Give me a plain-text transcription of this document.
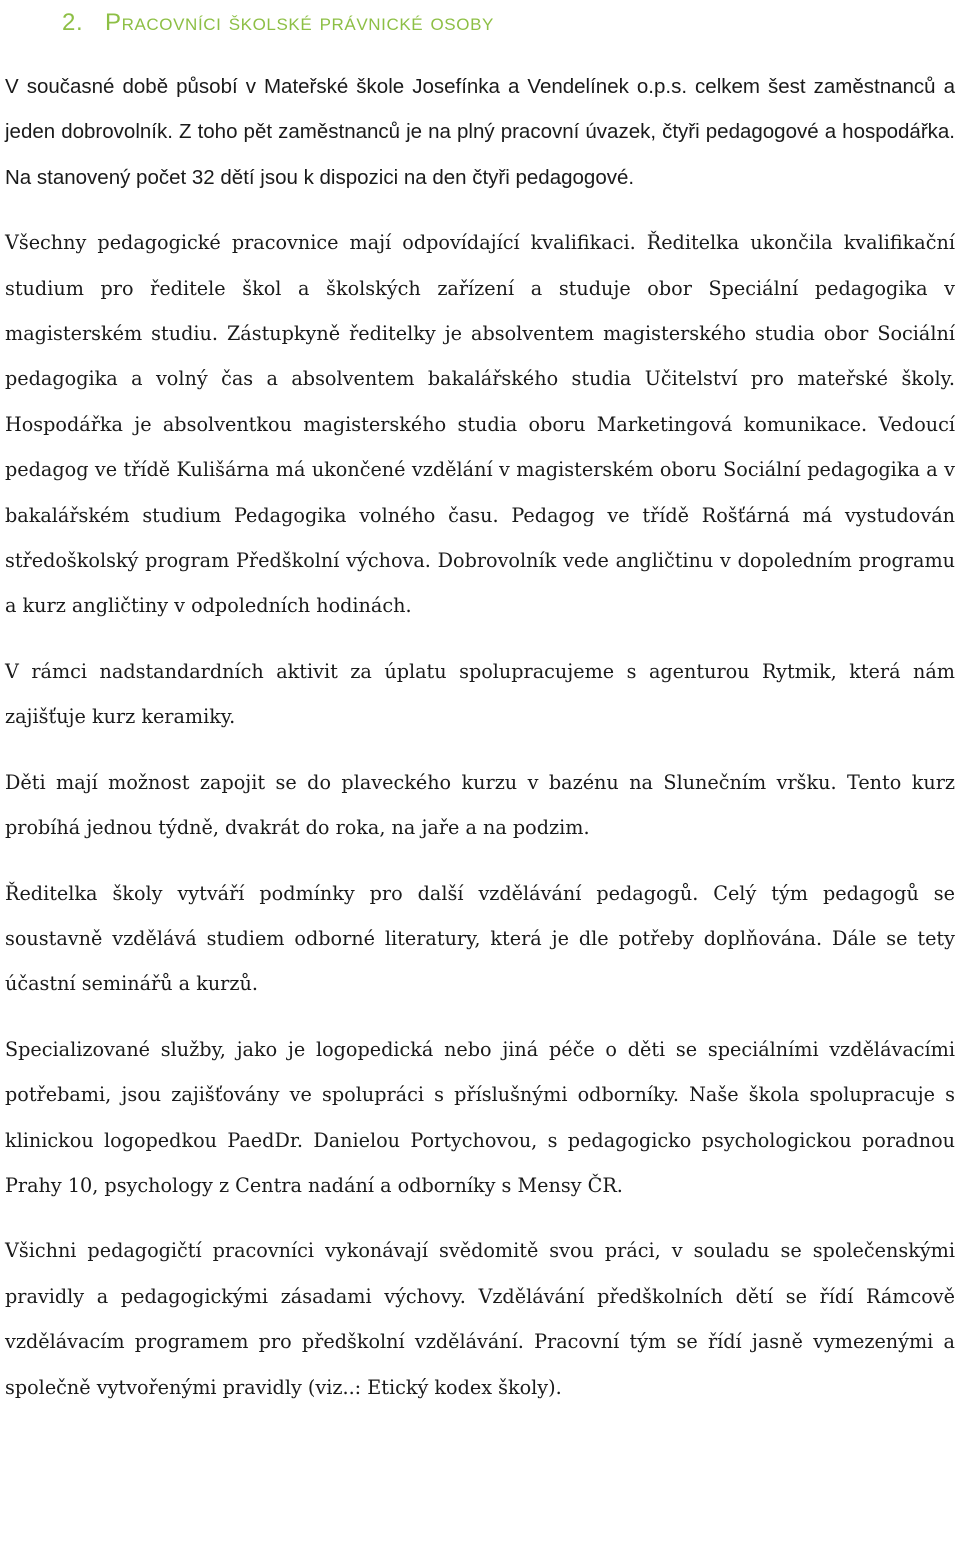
2. Pracovníci školské právnické osoby

V současné době působí v Mateřské škole Josefínka a Vendelínek o.p.s. celkem šest zaměstnanců a jeden dobrovolník. Z toho pět zaměstnanců je na plný pracovní úvazek, čtyři pedagogové a hospodářka. Na stanovený počet 32 dětí jsou k dispozici na den čtyři pedagogové.

Všechny pedagogické pracovnice mají odpovídající kvalifikaci. Ředitelka ukončila kvalifikační studium pro ředitele škol a školských zařízení a studuje obor Speciální pedagogika v magisterském studiu. Zástupkyně ředitelky je absolventem magisterského studia obor Sociální pedagogika a volný čas a absolventem bakalářského studia Učitelství pro mateřské školy. Hospodářka je absolventkou magisterského studia oboru Marketingová komunikace. Vedoucí pedagog ve třídě Kulišárna má ukončené vzdělání v magisterském oboru Sociální pedagogika a v bakalářském studium Pedagogika volného času. Pedagog ve třídě Rošťárná má vystudován středoškolský program Předškolní výchova. Dobrovolník vede angličtinu v dopoledním programu a kurz angličtiny v odpoledních hodinách.

V rámci nadstandardních aktivit za úplatu spolupracujeme s agenturou Rytmik, která nám zajišťuje kurz keramiky.

Děti mají možnost zapojit se do plaveckého kurzu v bazénu na Slunečním vršku. Tento kurz probíhá jednou týdně, dvakrát do roka, na jaře a na podzim.

Ředitelka školy vytváří podmínky pro další vzdělávání pedagogů. Celý tým pedagogů se soustavně vzdělává studiem odborné literatury, která je dle potřeby doplňována. Dále se tety účastní seminářů a kurzů.

Specializované služby, jako je logopedická nebo jiná péče o děti se speciálními vzdělávacími potřebami, jsou zajišťovány ve spolupráci s příslušnými odborníky. Naše škola spolupracuje s klinickou logopedkou PaedDr. Danielou Portychovou, s pedagogicko psychologickou poradnou Prahy 10, psychology z Centra nadání a odborníky s Mensy ČR.

Všichni pedagogičtí pracovníci vykonávají svědomitě svou práci, v souladu se společenskými pravidly a pedagogickými zásadami výchovy. Vzdělávání předškolních dětí se řídí Rámcově vzdělávacím programem pro předškolní vzdělávání. Pracovní tým se řídí jasně vymezenými a společně vytvořenými pravidly (viz..: Etický kodex školy).
